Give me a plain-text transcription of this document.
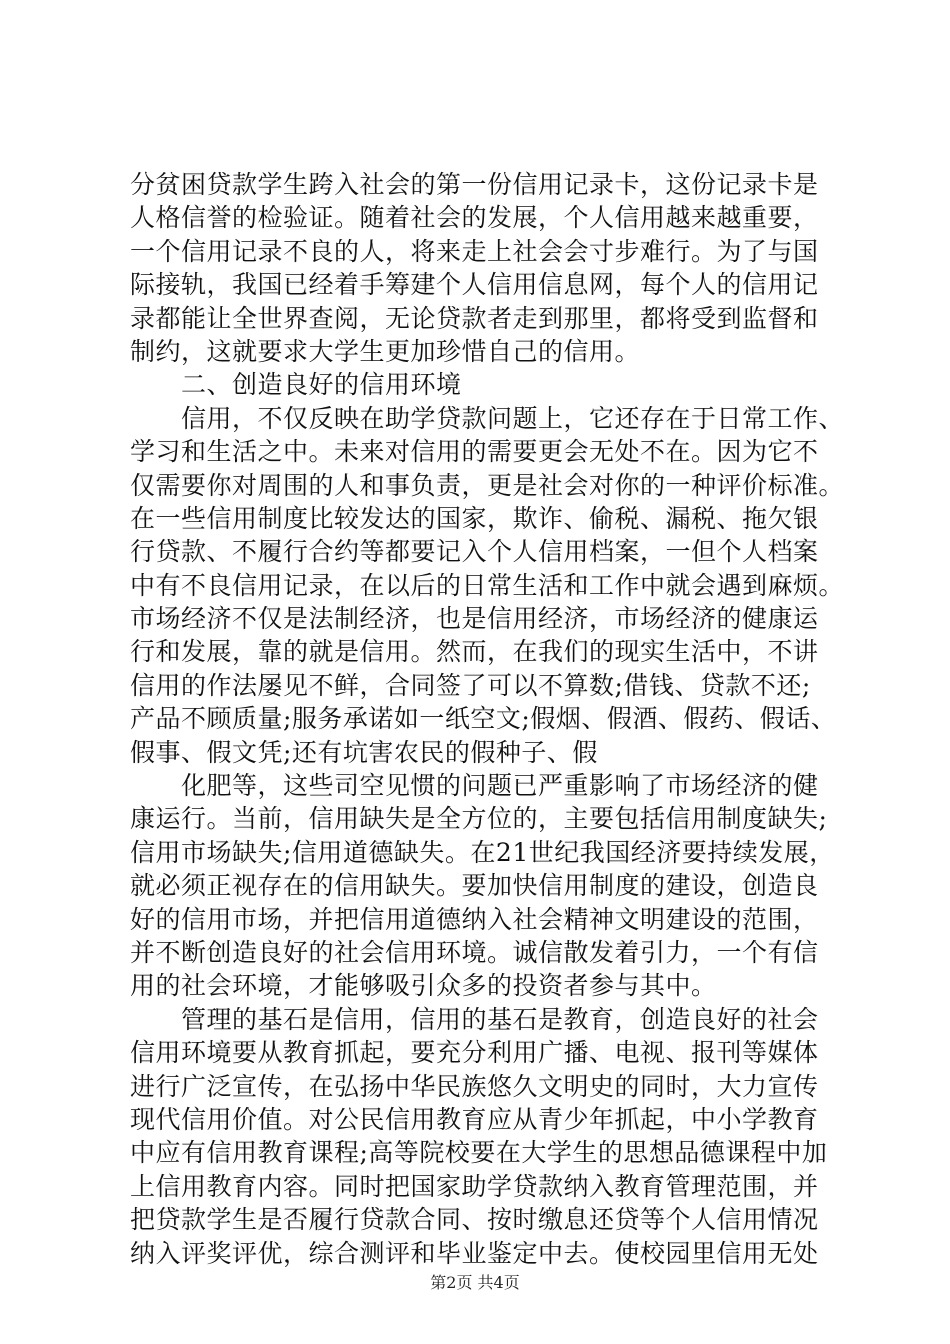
分贫困贷款学生跨入社会的第一份信用记录卡，这份记录卡是
人格信誉的检验证。随着社会的发展，个人信用越来越重要，
一个信用记录不良的人，将来走上社会会寸步难行。为了与国
际接轨，我国已经着手筹建个人信用信息网，每个人的信用记
录都能让全世界查阅，无论贷款者走到那里，都将受到监督和
制约，这就要求大学生更加珍惜自己的信用。
　　二、创造良好的信用环境
　　信用，不仅反映在助学贷款问题上，它还存在于日常工作、
学习和生活之中。未来对信用的需要更会无处不在。因为它不
仅需要你对周围的人和事负责，更是社会对你的一种评价标准。
在一些信用制度比较发达的国家，欺诈、偷税、漏税、拖欠银
行贷款、不履行合约等都要记入个人信用档案，一但个人档案
中有不良信用记录，在以后的日常生活和工作中就会遇到麻烦。
市场经济不仅是法制经济，也是信用经济，市场经济的健康运
行和发展，靠的就是信用。然而，在我们的现实生活中，不讲
信用的作法屡见不鲜，合同签了可以不算数;借钱、贷款不还;
产品不顾质量;服务承诺如一纸空文;假烟、假酒、假药、假话、
假事、假文凭;还有坑害农民的假种子、假
　　化肥等，这些司空见惯的问题已严重影响了市场经济的健
康运行。当前，信用缺失是全方位的，主要包括信用制度缺失;
信用市场缺失;信用道德缺失。在21世纪我国经济要持续发展，
就必须正视存在的信用缺失。要加快信用制度的建设，创造良
好的信用市场，并把信用道德纳入社会精神文明建设的范围，
并不断创造良好的社会信用环境。诚信散发着引力，一个有信
用的社会环境，才能够吸引众多的投资者参与其中。
　　管理的基石是信用，信用的基石是教育，创造良好的社会
信用环境要从教育抓起，要充分利用广播、电视、报刊等媒体
进行广泛宣传，在弘扬中华民族悠久文明史的同时，大力宣传
现代信用价值。对公民信用教育应从青少年抓起，中小学教育
中应有信用教育课程;高等院校要在大学生的思想品德课程中加
上信用教育内容。同时把国家助学贷款纳入教育管理范围，并
把贷款学生是否履行贷款合同、按时缴息还贷等个人信用情况
纳入评奖评优，综合测评和毕业鉴定中去。使校园里信用无处
第2页 共4页
